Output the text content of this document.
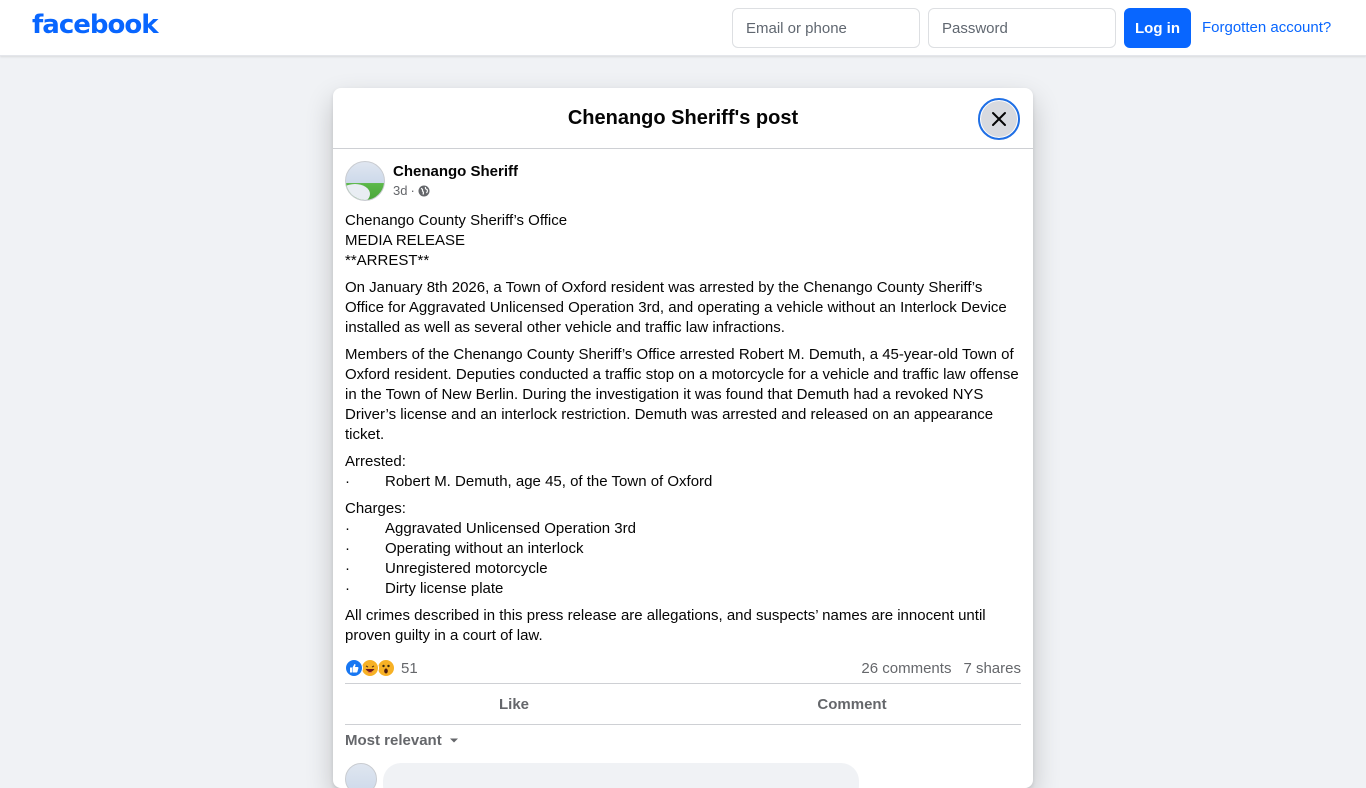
facebook
Email or phone	Log in	Forgotten account?
Chenango Sheriff's post
Chenango Sheriff
3d ·

Chenango County Sheriff’s Office
MEDIA RELEASE
**ARREST**

On January 8th 2026, a Town of Oxford resident was arrested by the Chenango County Sheriff’s Office for Aggravated Unlicensed Operation 3rd, and operating a vehicle without an Interlock Device installed as well as several other vehicle and traffic law infractions.

Members of the Chenango County Sheriff’s Office arrested Robert M. Demuth, a 45-year-old Town of Oxford resident. Deputies conducted a traffic stop on a motorcycle for a vehicle and traffic law offense in the Town of New Berlin. During the investigation it was found that Demuth had a revoked NYS Driver’s license and an interlock restriction. Demuth was arrested and released on an appearance ticket.

Arrested:
·	Robert M. Demuth, age 45, of the Town of Oxford

Charges:
·	Aggravated Unlicensed Operation 3rd
·	Operating without an interlock
·	Unregistered motorcycle
·	Dirty license plate

All crimes described in this press release are allegations, and suspects’ names are innocent until proven guilty in a court of law.

51	26 comments 7 shares
Like	Comment
Most relevant
